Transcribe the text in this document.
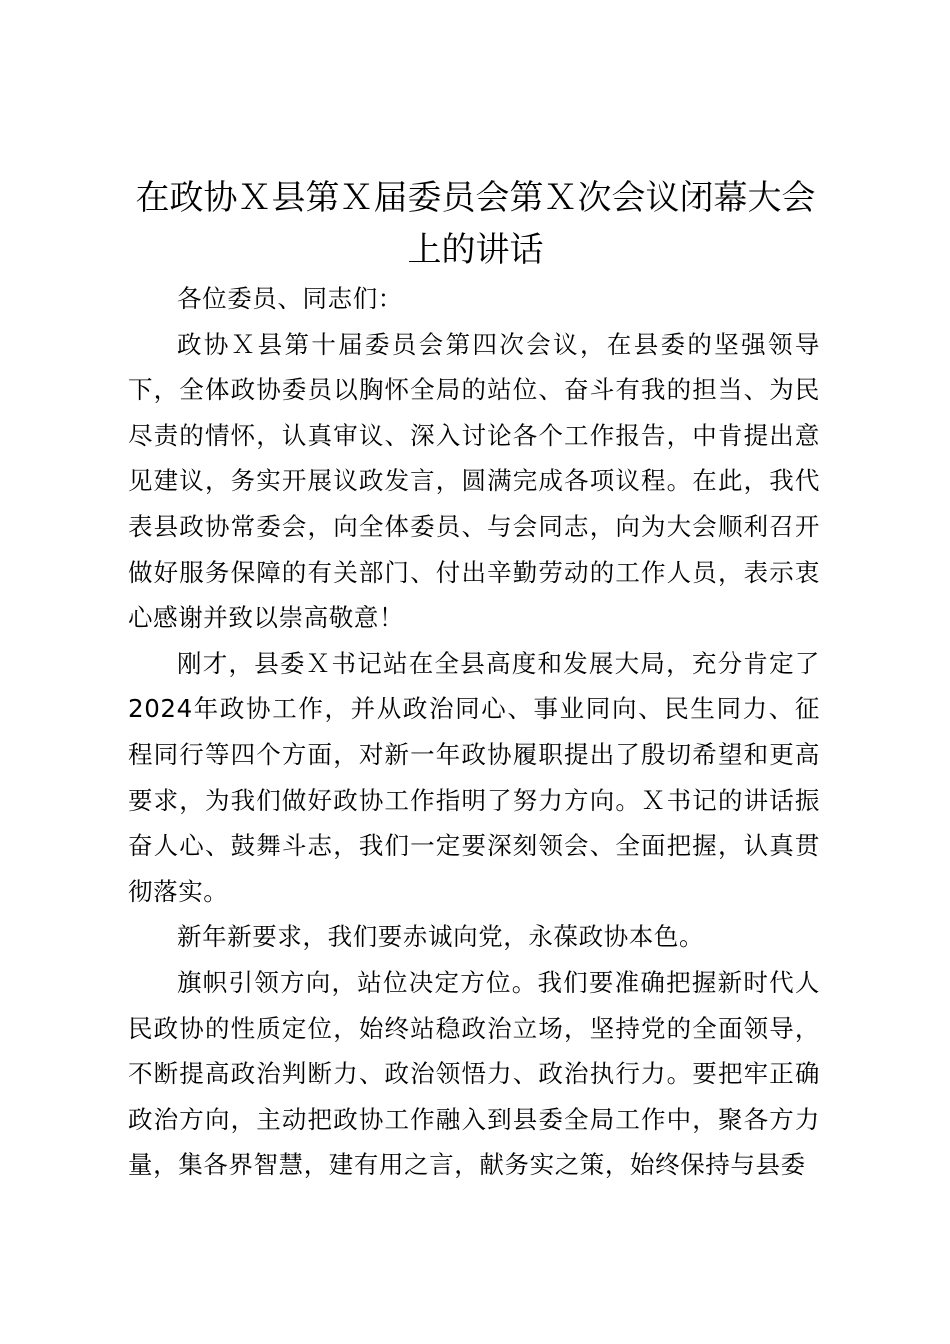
在政协Ｘ县第Ｘ届委员会第Ｘ次会议闭幕大会上的讲话

各位委员、同志们：

政协Ｘ县第十届委员会第四次会议，在县委的坚强领导下，全体政协委员以胸怀全局的站位、奋斗有我的担当、为民尽责的情怀，认真审议、深入讨论各个工作报告，中肯提出意见建议，务实开展议政发言，圆满完成各项议程。在此，我代表县政协常委会，向全体委员、与会同志，向为大会顺利召开做好服务保障的有关部门、付出辛勤劳动的工作人员，表示衷心感谢并致以崇高敬意！

刚才，县委Ｘ书记站在全县高度和发展大局，充分肯定了2024年政协工作，并从政治同心、事业同向、民生同力、征程同行等四个方面，对新一年政协履职提出了殷切希望和更高要求，为我们做好政协工作指明了努力方向。Ｘ书记的讲话振奋人心、鼓舞斗志，我们一定要深刻领会、全面把握，认真贯彻落实。

新年新要求，我们要赤诚向党，永葆政协本色。

旗帜引领方向，站位决定方位。我们要准确把握新时代人民政协的性质定位，始终站稳政治立场，坚持党的全面领导，不断提高政治判断力、政治领悟力、政治执行力。要把牢正确政治方向，主动把政协工作融入到县委全局工作中，聚各方力量，集各界智慧，建有用之言，献务实之策，始终保持与县委
